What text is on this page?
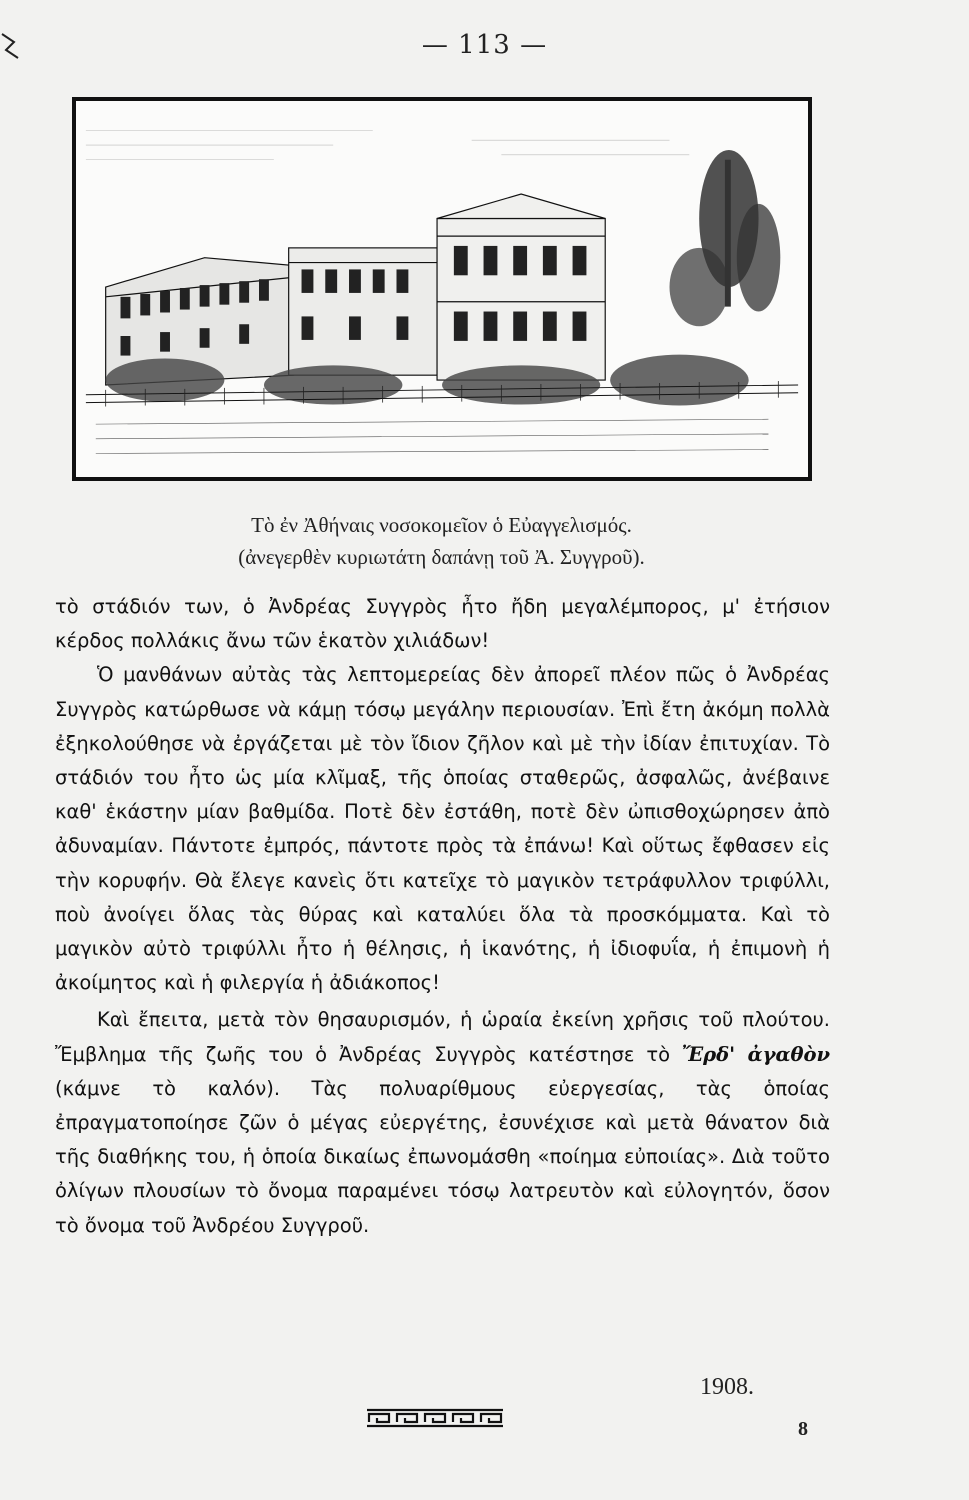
— 113 —
Τὸ ἐν Ἀθήναις νοσοκομεῖον ὁ Εὐαγγελισμός.
(ἀνεγερθὲν κυριωτάτη δαπάνῃ τοῦ Ἀ. Συγγροῦ).

τὸ στάδιόν των, ὁ Ἀνδρέας Συγγρὸς ἦτο ἤδη μεγαλέμπορος, μ' ἐτήσιον κέρδος πολλάκις ἄνω τῶν ἑκατὸν χιλιάδων!

Ὁ μανθάνων αὐτὰς τὰς λεπτομερείας δὲν ἀπορεῖ πλέον πῶς ὁ Ἀνδρέας Συγγρὸς κατώρθωσε νὰ κάμῃ τόσῳ μεγάλην περιουσίαν. Ἐπὶ ἔτη ἀκόμη πολλὰ ἐξηκολούθησε νὰ ἐργάζεται μὲ τὸν ἴδιον ζῆλον καὶ μὲ τὴν ἰδίαν ἐπιτυχίαν. Τὸ στάδιόν του ἦτο ὡς μία κλῖμαξ, τῆς ὁποίας σταθερῶς, ἀσφαλῶς, ἀνέβαινε καθ' ἑκάστην μίαν βαθμίδα. Ποτὲ δὲν ἐστάθη, ποτὲ δὲν ὠπισθοχώρησεν ἀπὸ ἀδυναμίαν. Πάντοτε ἐμπρός, πάντοτε πρὸς τὰ ἐπάνω! Καὶ οὕτως ἔφθασεν εἰς τὴν κορυφήν. Θὰ ἔλεγε κανεὶς ὅτι κατεῖχε τὸ μαγικὸν τετράφυλλον τριφύλλι, ποὺ ἀνοίγει ὅλας τὰς θύρας καὶ καταλύει ὅλα τὰ προσκόμματα. Καὶ τὸ μαγικὸν αὐτὸ τριφύλλι ἦτο ἡ θέλησις, ἡ ἱκανότης, ἡ ἰδιοφυΐα, ἡ ἐπιμονὴ ἡ ἀκοίμητος καὶ ἡ φιλεργία ἡ ἀδιάκοπος!

Καὶ ἔπειτα, μετὰ τὸν θησαυρισμόν, ἡ ὡραία ἐκείνη χρῆσις τοῦ πλούτου. Ἔμβλημα τῆς ζωῆς του ὁ Ἀνδρέας Συγγρὸς κατέστησε τὸ Ἔρδ' ἀγαθὸν (κάμνε τὸ καλόν). Τὰς πολυαρίθμους εὐεργεσίας, τὰς ὁποίας ἐπραγματοποίησε ζῶν ὁ μέγας εὐεργέτης, ἐσυνέχισε καὶ μετὰ θάνατον διὰ τῆς διαθήκης του, ἡ ὁποία δικαίως ἐπωνομάσθη «ποίημα εὐποιίας». Διὰ τοῦτο ὀλίγων πλουσίων τὸ ὄνομα παραμένει τόσῳ λατρευτὸν καὶ εὐλογητόν, ὅσον τὸ ὄνομα τοῦ Ἀνδρέου Συγγροῦ.

1908.
8
